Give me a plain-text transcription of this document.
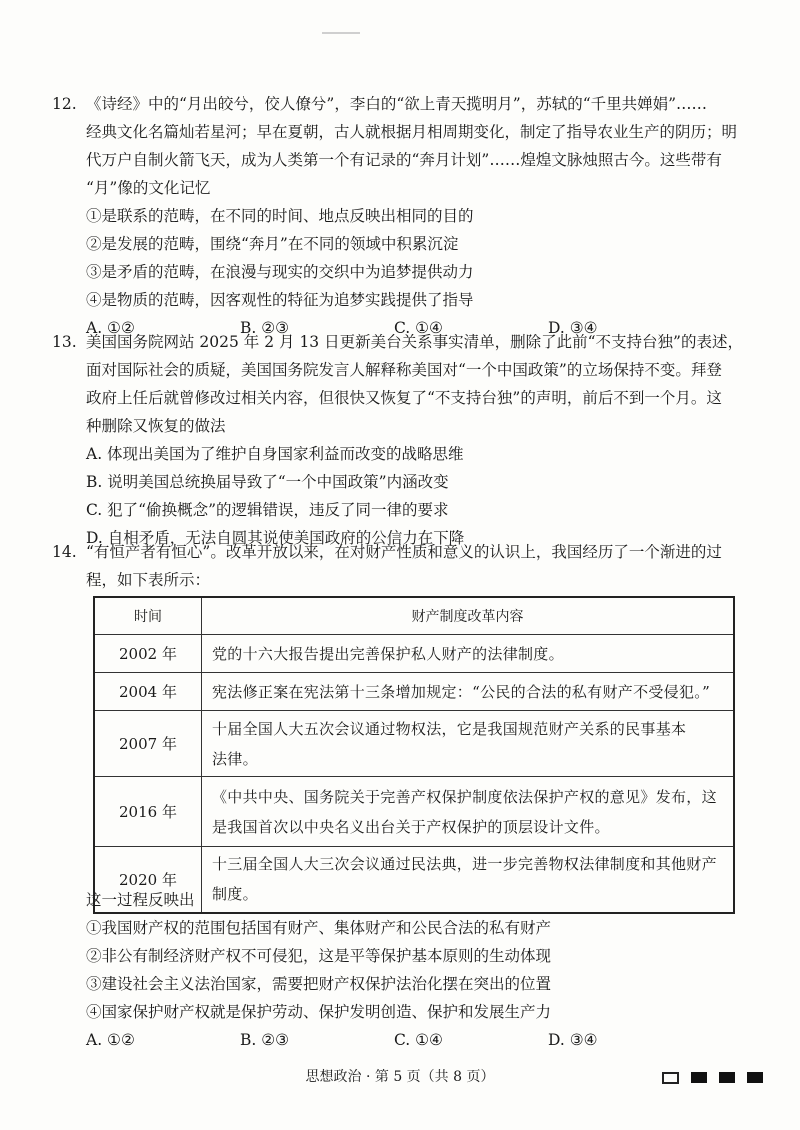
12. 《诗经》中的“月出皎兮，佼人僚兮”，李白的“欲上青天揽明月”，苏轼的“千里共婵娟”……
经典文化名篇灿若星河；早在夏朝，古人就根据月相周期变化，制定了指导农业生产的阴历；明
代万户自制火箭飞天，成为人类第一个有记录的“奔月计划”……煌煌文脉烛照古今。这些带有
“月”像的文化记忆
①是联系的范畴，在不同的时间、地点反映出相同的目的
②是发展的范畴，围绕“奔月”在不同的领域中积累沉淀
③是矛盾的范畴，在浪漫与现实的交织中为追梦提供动力
④是物质的范畴，因客观性的特征为追梦实践提供了指导
A. ①②	B. ②③	C. ①④	D. ③④
13. 美国国务院网站 2025 年 2 月 13 日更新美台关系事实清单，删除了此前“不支持台独”的表述，
面对国际社会的质疑，美国国务院发言人解释称美国对“一个中国政策”的立场保持不变。拜登
政府上任后就曾修改过相关内容，但很快又恢复了“不支持台独”的声明，前后不到一个月。这
种删除又恢复的做法
A. 体现出美国为了维护自身国家利益而改变的战略思维
B. 说明美国总统换届导致了“一个中国政策”内涵改变
C. 犯了“偷换概念”的逻辑错误，违反了同一律的要求
D. 自相矛盾，无法自圆其说使美国政府的公信力在下降
14. “有恒产者有恒心”。改革开放以来，在对财产性质和意义的认识上，我国经历了一个渐进的过
程，如下表所示：
时间	财产制度改革内容
2002 年	党的十六大报告提出完善保护私人财产的法律制度。

2004 年	宪法修正案在宪法第十三条增加规定：“公民的合法的私有财产不受侵犯。”

2007 年	十届全国人大五次会议通过物权法，它是我国规范财产关系的民事基本
法律。

2016 年	《中共中央、国务院关于完善产权保护制度依法保护产权的意见》发布，这
是我国首次以中央名义出台关于产权保护的顶层设计文件。

2020 年	十三届全国人大三次会议通过民法典，进一步完善物权法律制度和其他财产
制度。
这一过程反映出
①我国财产权的范围包括国有财产、集体财产和公民合法的私有财产
②非公有制经济财产权不可侵犯，这是平等保护基本原则的生动体现
③建设社会主义法治国家，需要把财产权保护法治化摆在突出的位置
④国家保护财产权就是保护劳动、保护发明创造、保护和发展生产力
A. ①②	B. ②③	C. ①④	D. ③④
思想政治 · 第 5 页（共 8 页）
